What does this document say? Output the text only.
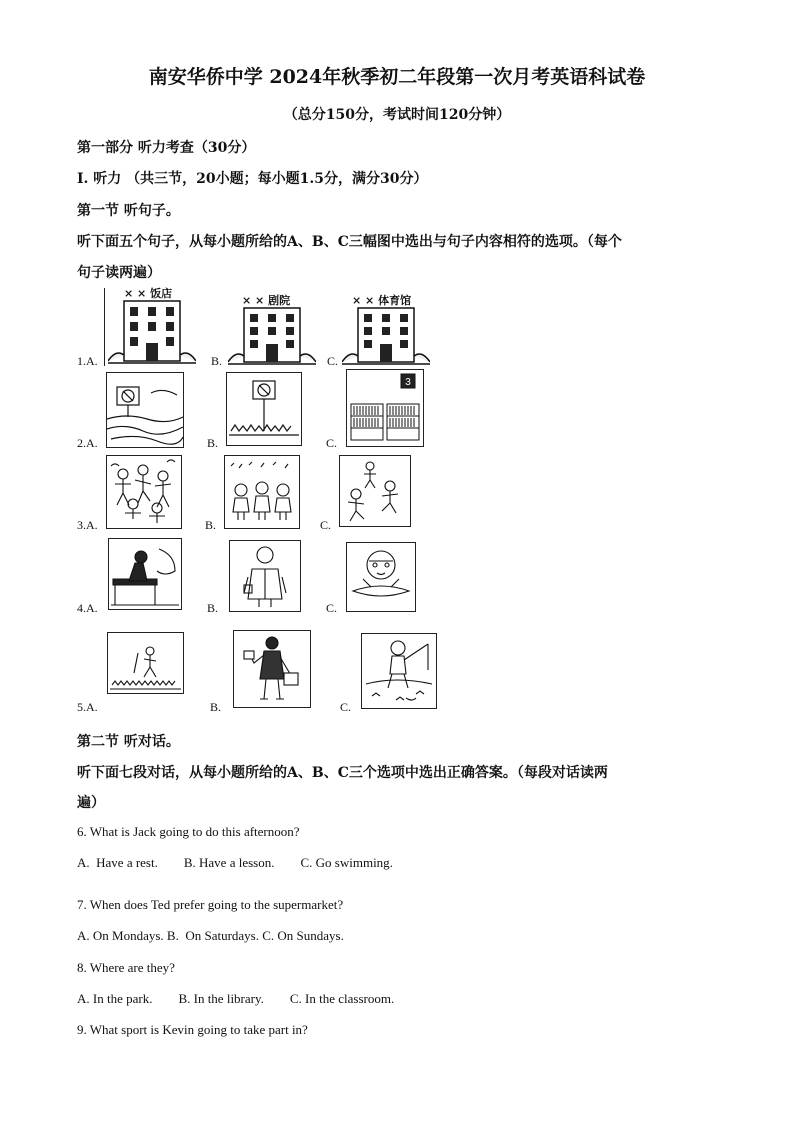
南安华侨中学 2024年秋季初二年段第一次月考英语科试卷
（总分150分，考试时间120分钟）
第一部分 听力考查（30分）
I. 听力 （共三节，20小题；每小题1.5分，满分30分）
第一节 听句子。
听下面五个句子，从每小题所给的A、B、C三幅图中选出与句子内容相符的选项。（每个
句子读两遍）
× × 饭店
× × 剧院	× × 体育馆
1.A.	B.	C.
3
2.A.	B.	C.
3.A.	B.	C.
4.A.	B.	C.
5.A.	B.	C.
第二节 听对话。
听下面七段对话，从每小题所给的A、B、C三个选项中选出正确答案。（每段对话读两
遍）
6. What is Jack going to do this afternoon?
A.  Have a rest.        B. Have a lesson.        C. Go swimming.
7. When does Ted prefer going to the supermarket?
A. On Mondays. B.  On Saturdays. C. On Sundays.
8. Where are they?
A. In the park.        B. In the library.        C. In the classroom.
9. What sport is Kevin going to take part in?
